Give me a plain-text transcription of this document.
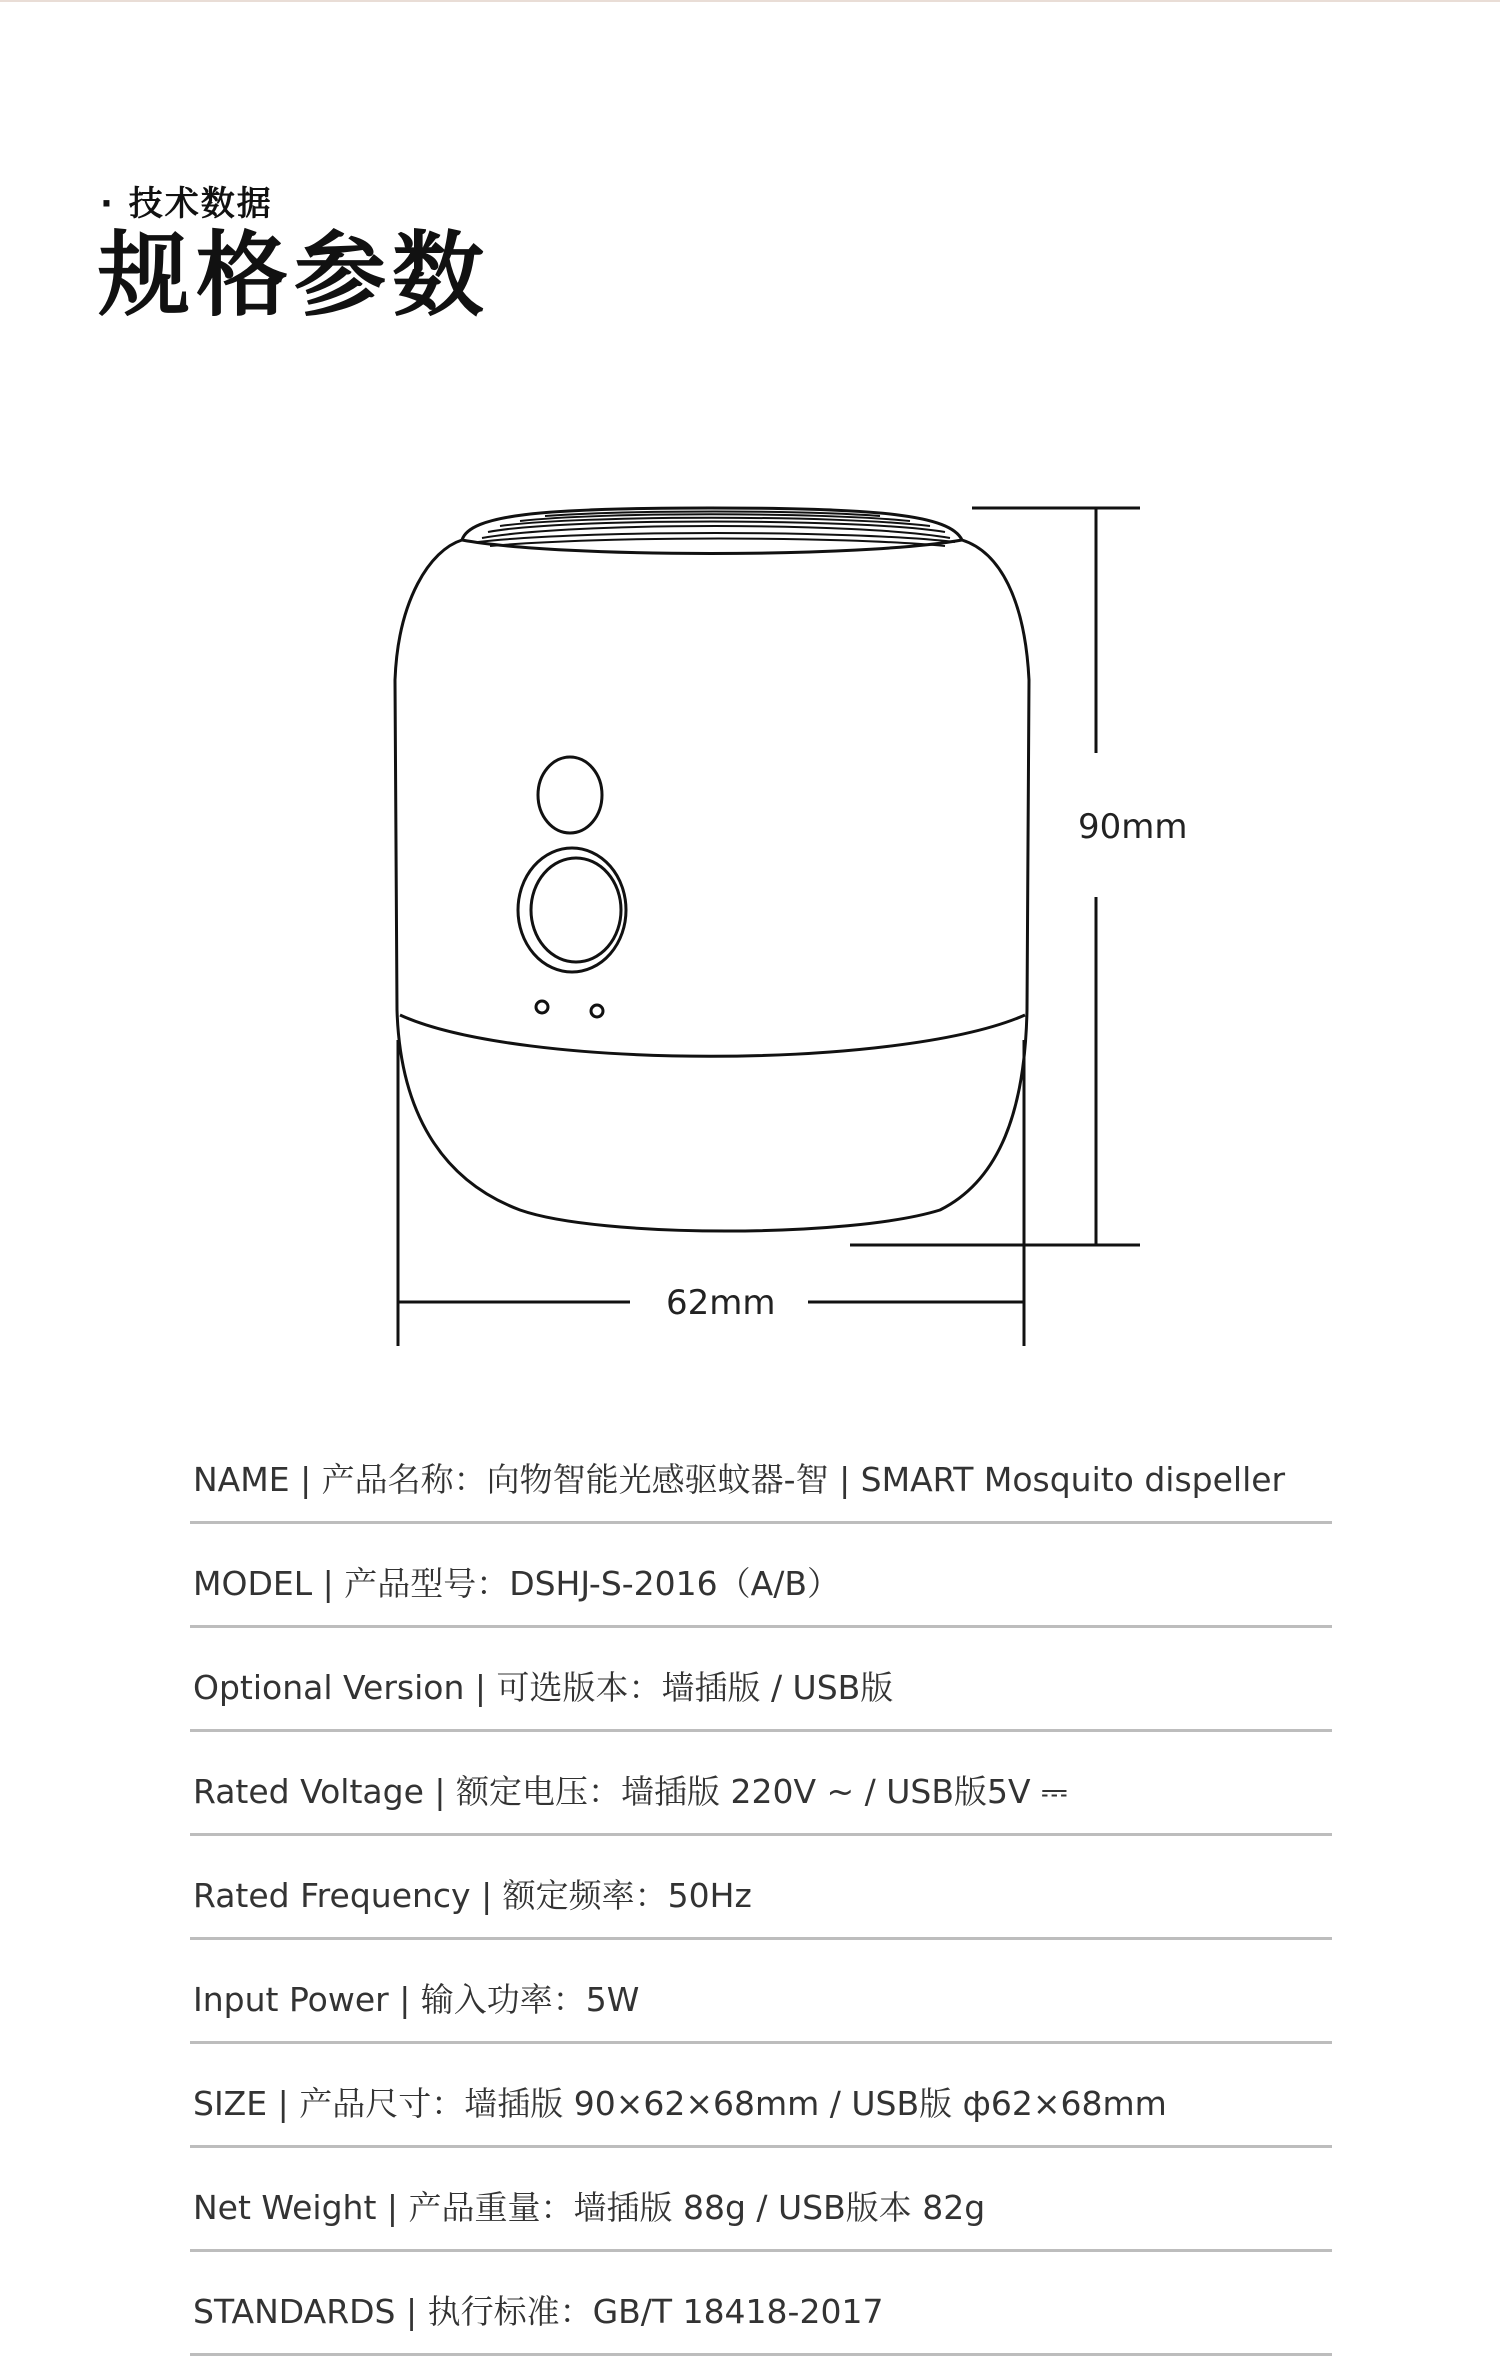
· 技术数据
规格参数
90mm
62mm
NAME | 产品名称：向物智能光感驱蚊器-智 | SMART Mosquito dispeller
MODEL | 产品型号：DSHJ-S-2016（A/B）
Optional Version | 可选版本：墙插版 / USB版
Rated Voltage | 额定电压：墙插版 220V ~ / USB版5V ⎓
Rated Frequency | 额定频率：50Hz
Input Power | 输入功率：5W
SIZE | 产品尺寸：墙插版 90×62×68mm / USB版 ф62×68mm
Net Weight | 产品重量：墙插版 88g / USB版本 82g
STANDARDS | 执行标准：GB/T 18418-2017
